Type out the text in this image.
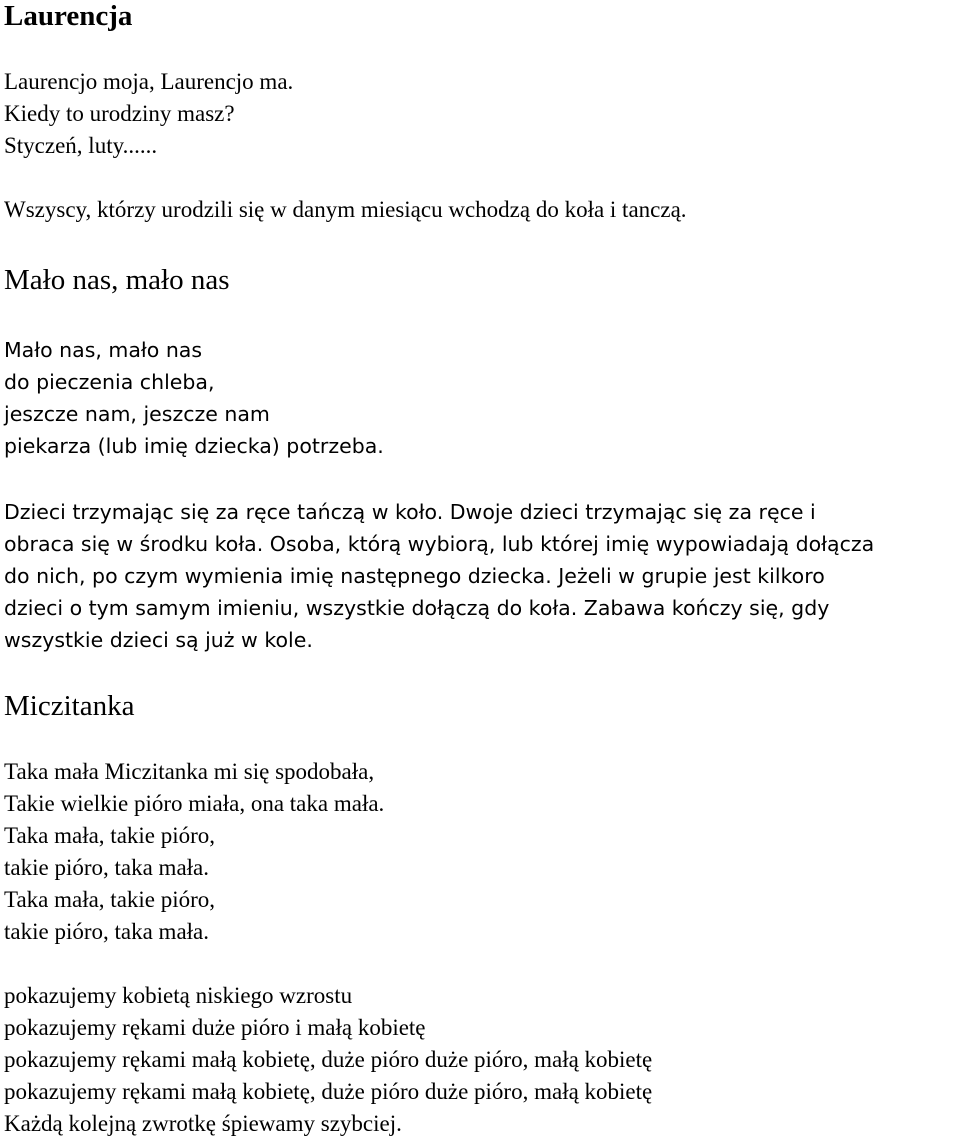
Laurencja
Laurencjo moja, Laurencjo ma.
Kiedy to urodziny masz?
Styczeń, luty......
Wszyscy, którzy urodzili się w danym miesiącu wchodzą do koła i tanczą.
Mało nas, mało nas
Mało nas, mało nas
do pieczenia chleba,
jeszcze nam, jeszcze nam
piekarza (lub imię dziecka) potrzeba.
Dzieci trzymając się za ręce tańczą w koło. Dwoje dzieci trzymając się za ręce i
obraca się w środku koła. Osoba, którą wybiorą, lub której imię wypowiadają dołącza
do nich, po czym wymienia imię następnego dziecka. Jeżeli w grupie jest kilkoro
dzieci o tym samym imieniu, wszystkie dołączą do koła. Zabawa kończy się, gdy
wszystkie dzieci są już w kole.
Miczitanka
Taka mała Miczitanka mi się spodobała,
Takie wielkie pióro miała, ona taka mała.
Taka mała, takie pióro,
takie pióro, taka mała.
Taka mała, takie pióro,
takie pióro, taka mała.
pokazujemy kobietą niskiego wzrostu
pokazujemy rękami duże pióro i małą kobietę
pokazujemy rękami małą kobietę, duże pióro duże pióro, małą kobietę
pokazujemy rękami małą kobietę, duże pióro duże pióro, małą kobietę
Każdą kolejną zwrotkę śpiewamy szybciej.
